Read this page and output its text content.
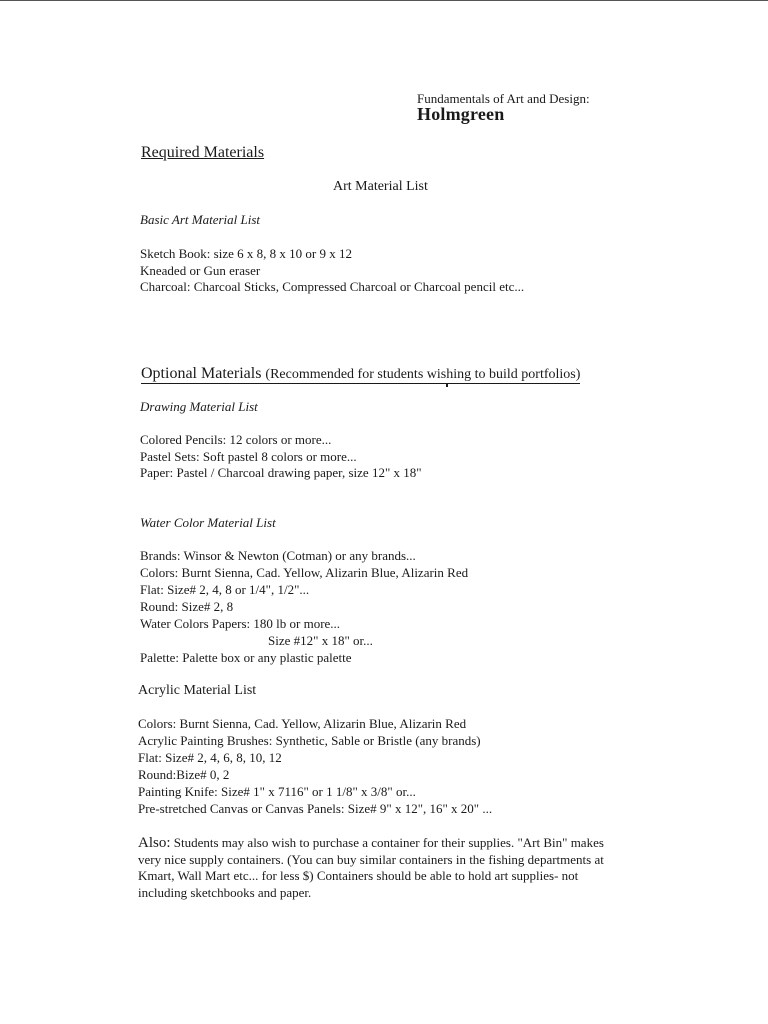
Fundamentals of Art and Design:
Holmgreen
Required Materials
Art Material List
Basic Art Material List
Sketch Book: size 6 x 8, 8 x 10 or 9 x 12
Kneaded or Gun eraser
Charcoal: Charcoal Sticks, Compressed Charcoal or Charcoal pencil etc...
Optional Materials (Recommended for students wishing to build portfolios)
Drawing Material List
Colored Pencils: 12 colors or more...
Pastel Sets: Soft pastel 8 colors or more...
Paper: Pastel / Charcoal drawing paper, size 12" x 18"
Water Color Material List
Brands: Winsor & Newton (Cotman) or any brands...
Colors: Burnt Sienna, Cad. Yellow, Alizarin Blue, Alizarin Red
Flat: Size# 2, 4, 8 or 1/4", 1/2"...
Round: Size# 2, 8
Water Colors Papers: 180 lb or more...
Size #12" x 18" or...
Palette: Palette box or any plastic palette
Acrylic Material List
Colors: Burnt Sienna, Cad. Yellow, Alizarin Blue, Alizarin Red
Acrylic Painting Brushes: Synthetic, Sable or Bristle (any brands)
Flat: Size# 2, 4, 6, 8, 10, 12
Round:Bize# 0, 2
Painting Knife: Size# 1" x 7116" or 1 1/8" x 3/8" or...
Pre-stretched Canvas or Canvas Panels: Size# 9" x 12", 16" x 20" ...
Also: Students may also wish to purchase a container for their supplies. "Art Bin" makes very nice supply containers. (You can buy similar containers in the fishing departments at Kmart, Wall Mart etc... for less $) Containers should be able to hold art supplies- not including sketchbooks and paper.
